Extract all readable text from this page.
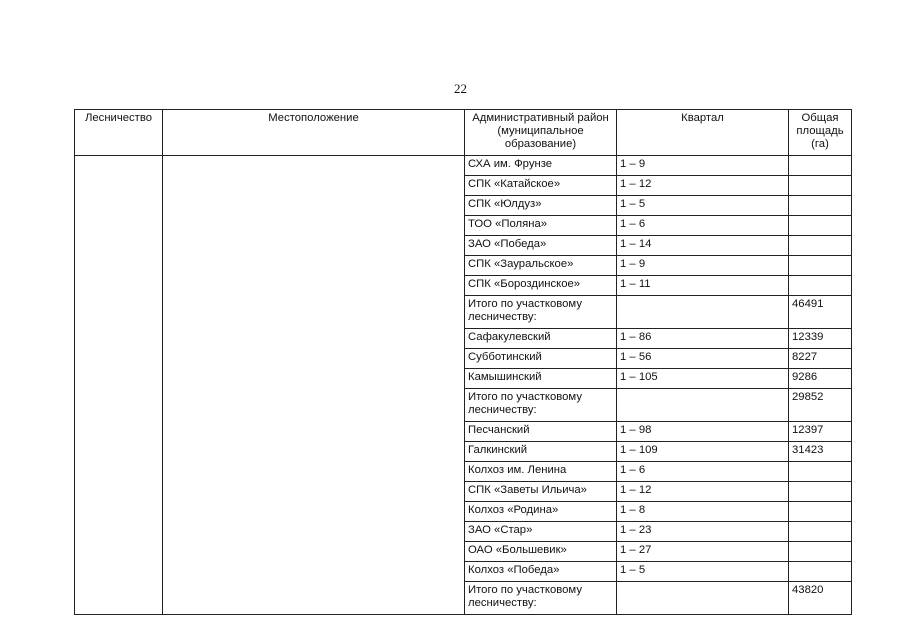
22
Лесничество	Местоположение	Административный район (муниципальное образование)	Квартал	Общая площадь (га)
		СХА им. Фрунзе	1 – 9	
		СПК «Катайское»	1 – 12	
		СПК «Юлдуз»	1 – 5	
		ТОО «Поляна»	1 – 6	
		ЗАО «Победа»	1 – 14	
		СПК «Зауральское»	1 – 9	
		СПК «Бороздинское»	1 – 11	
		Итого по участковому лесничеству:		46491
		Сафакулевский	1 – 86	12339
		Субботинский	1 – 56	8227
		Камышинский	1 – 105	9286
		Итого по участковому лесничеству:		29852
		Песчанский	1 – 98	12397
		Галкинский	1 – 109	31423
		Колхоз им. Ленина	1 – 6	
		СПК «Заветы Ильича»	1 – 12	
		Колхоз «Родина»	1 – 8	
		ЗАО «Стар»	1 – 23	
		ОАО «Большевик»	1 – 27	
		Колхоз «Победа»	1 – 5	
		Итого по участковому лесничеству:		43820
